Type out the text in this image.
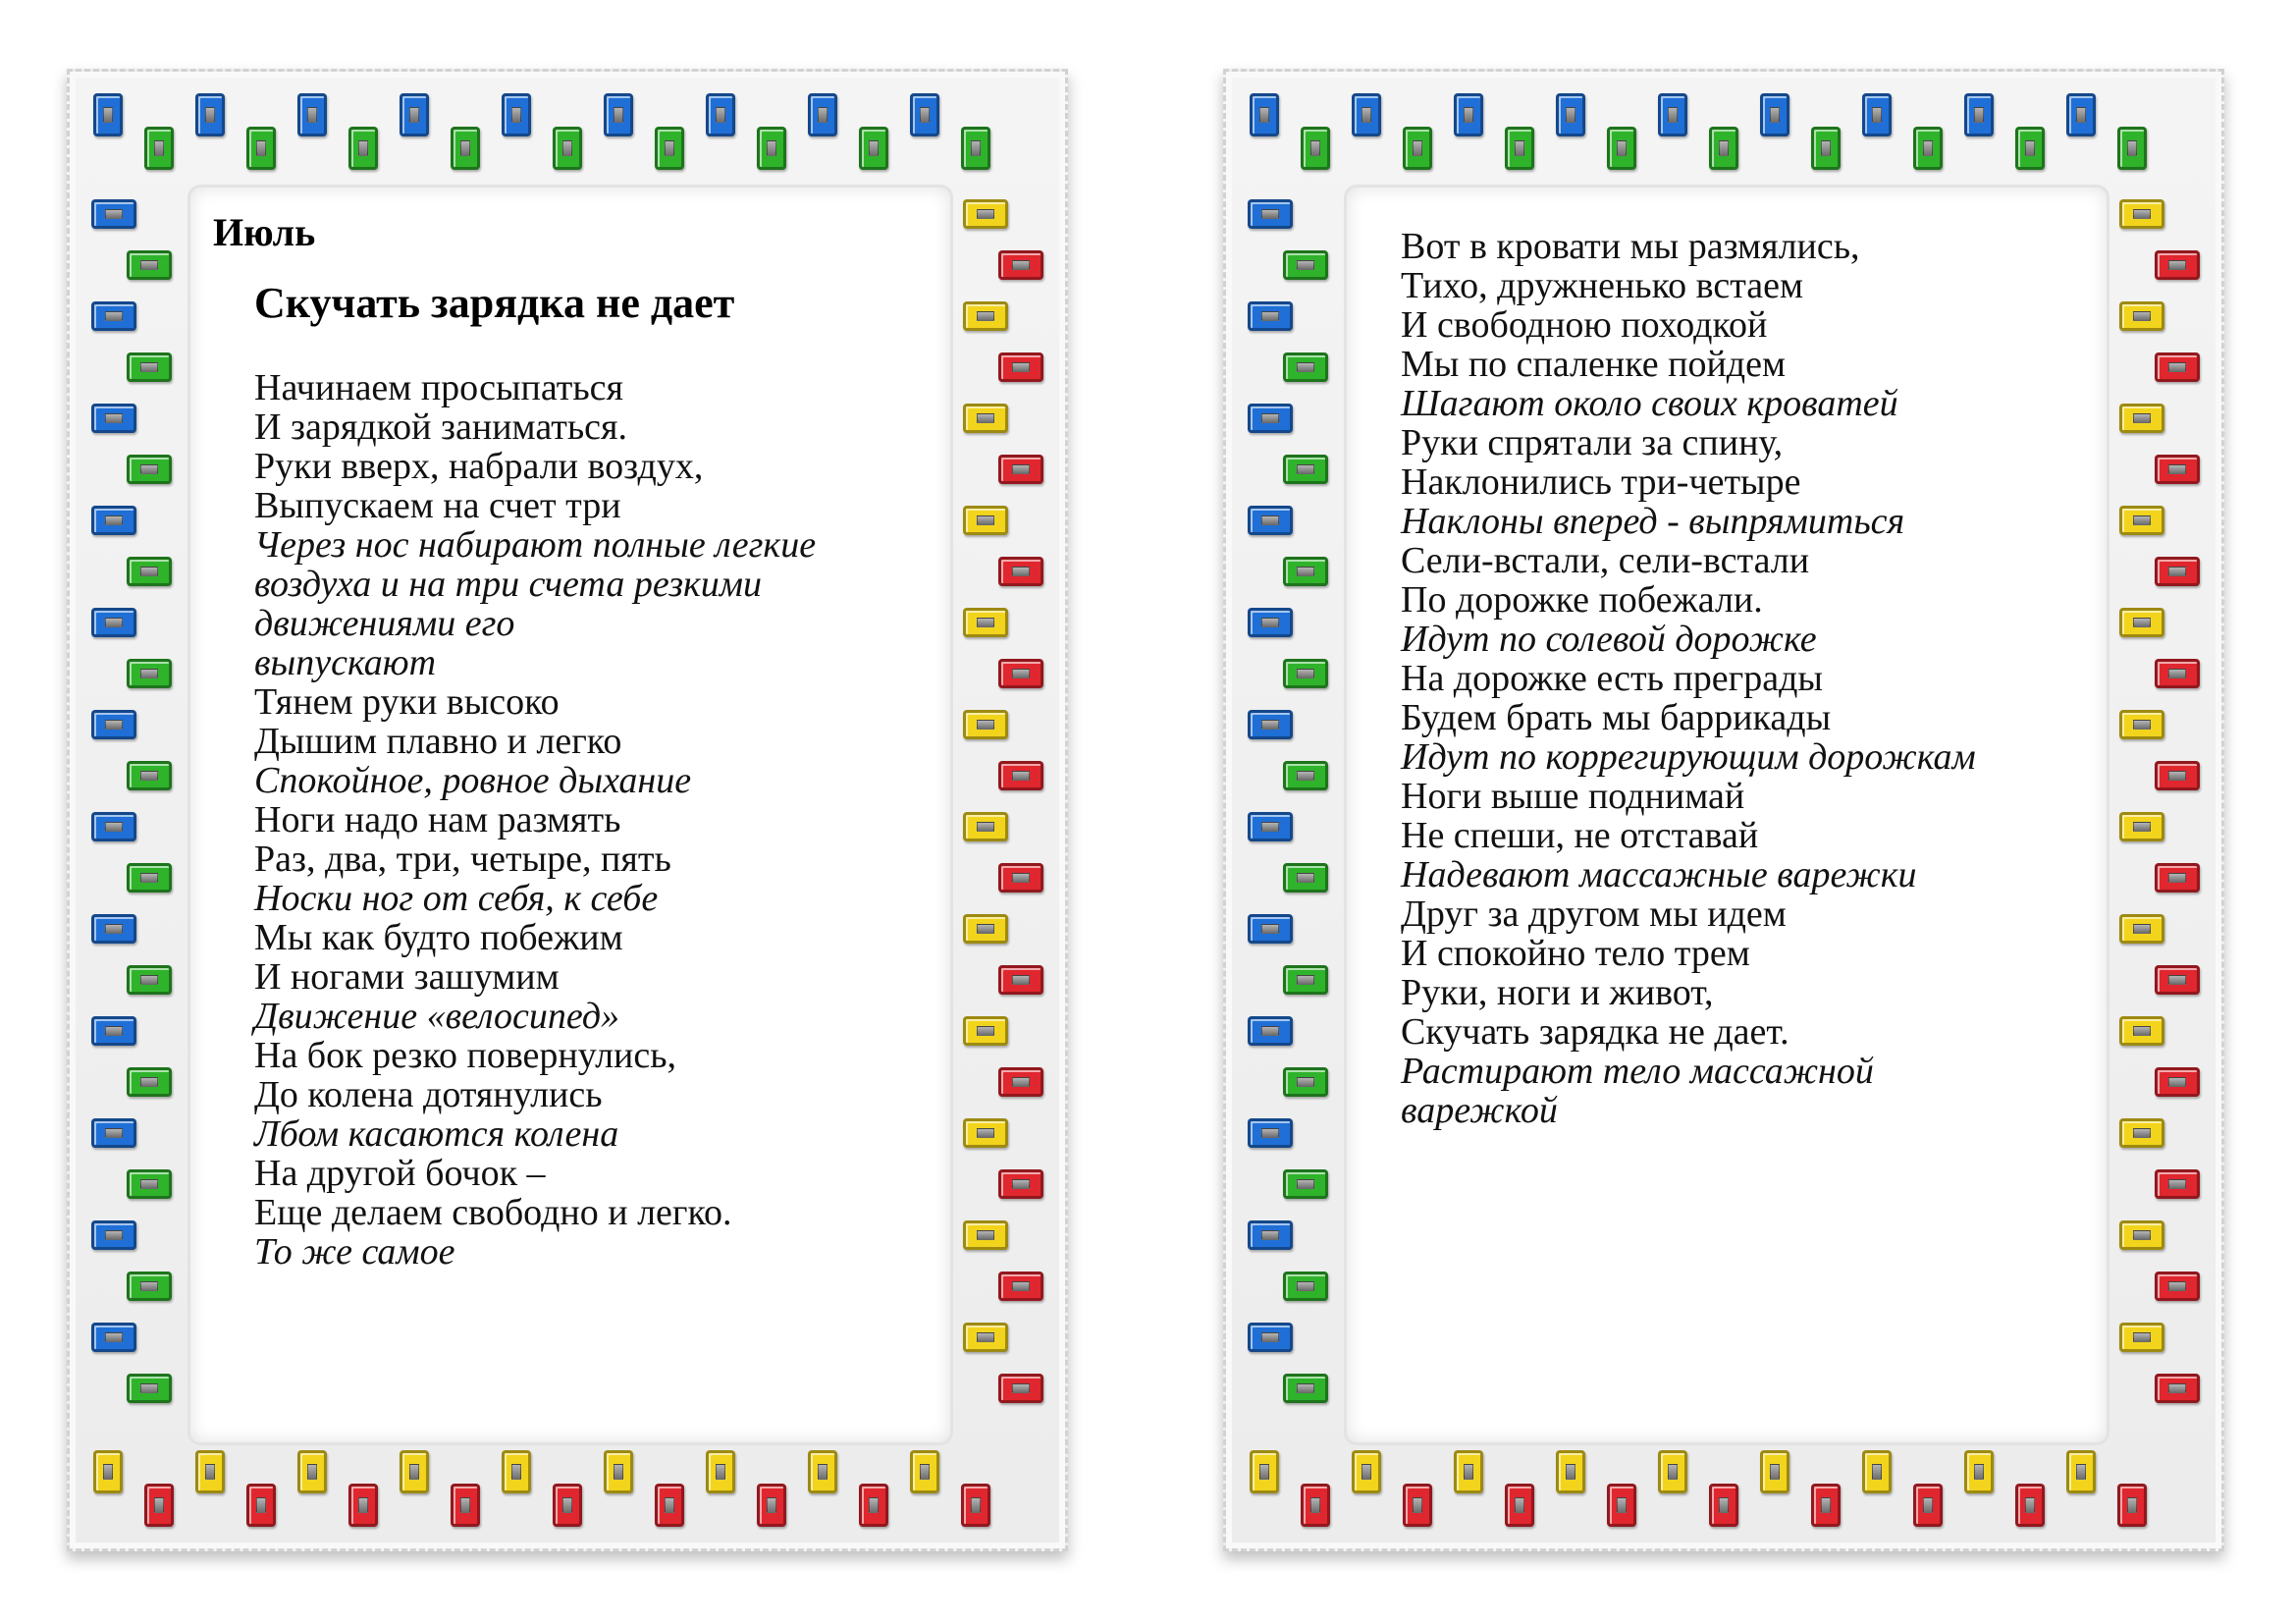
Июль
Скучать зарядка не дает
Начинаем просыпаться
И зарядкой заниматься.
Руки вверх, набрали воздух,
Выпускаем на счет три
Через нос набирают полные легкие
воздуха и на три счета резкими
движениями его
выпускают
Тянем руки высоко
Дышим плавно и легко
Спокойное, ровное дыхание
Ноги надо нам размять
Раз, два, три, четыре, пять
Носки ног от себя, к себе
Мы как будто побежим
И ногами зашумим
Движение «велосипед»
На бок резко повернулись,
До колена дотянулись
Лбом касаются колена
На другой бочок –
Еще делаем свободно и легко.
То же самое
Вот в кровати мы размялись,
Тихо, дружненько встаем
И свободною походкой
Мы по спаленке пойдем
Шагают около своих кроватей
Руки спрятали за спину,
Наклонились три-четыре
Наклоны вперед - выпрямиться
Сели-встали, сели-встали
По дорожке побежали.
Идут по солевой дорожке
На дорожке есть преграды
Будем брать мы баррикады
Идут по коррегирующим дорожкам
Ноги выше поднимай
Не спеши, не отставай
Надевают массажные варежки
Друг за другом мы идем
И спокойно тело трем
Руки, ноги и живот,
Скучать зарядка не дает.
Растирают тело массажной
варежкой
